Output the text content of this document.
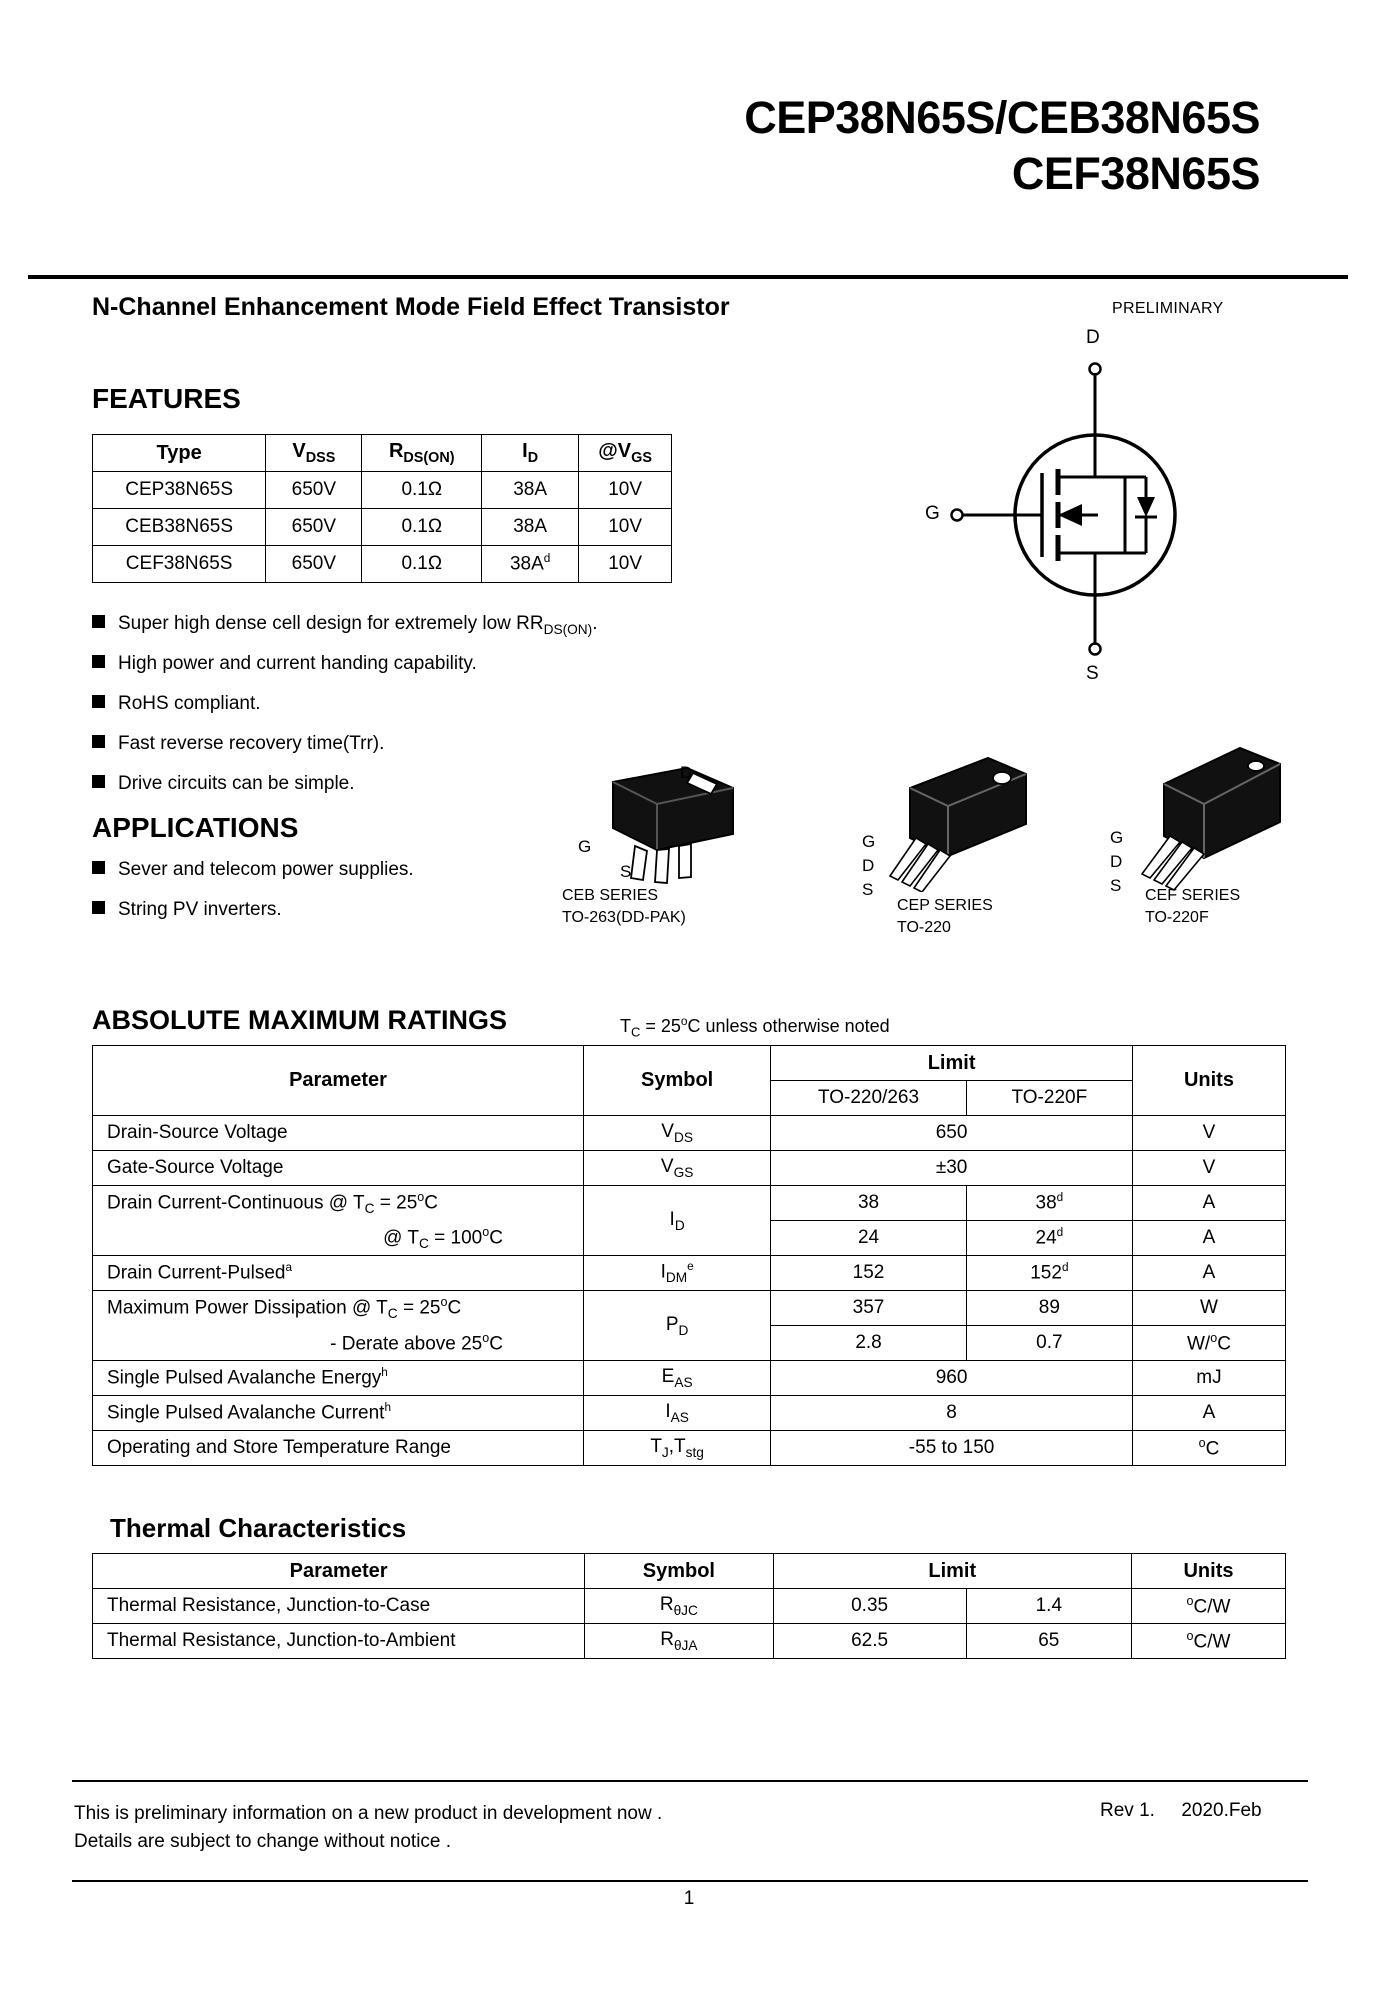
CEP38N65S/CEB38N65S
CEF38N65S
N-Channel Enhancement Mode Field Effect Transistor	PRELIMINARY
FEATURES
Type	$V_{DSS}$	$R_{DS(ON)}$	$I_D$	$@V_{GS}$
CEP38N65S	650V	0.1Ω	38A	10V
CEB38N65S	650V	0.1Ω	38A	10V
CEF38N65S	650V	0.1Ω	$38A^d$	10V
Super high dense cell design for extremely low $RR_{DS(ON)}$.
High power and current handing capability.
RoHS compliant.
Fast reverse recovery time(Trr).
Drive circuits can be simple.
APPLICATIONS
Sever and telecom power supplies.
String PV inverters.
D
G
S
D
G
S
CEB SERIES
TO-263(DD-PAK)
G
D
S
CEP SERIES
TO-220
G
D
S
CEF SERIES
TO-220F
ABSOLUTE MAXIMUM RATINGS	$T_C = 25^oC$ unless otherwise noted
Parameter	Symbol	Limit		Units
		TO-220/263	TO-220F	
Drain-Source Voltage	$V_{DS}$	650		V
Gate-Source Voltage	$V_{GS}$	±30		V
Drain Current-Continuous @ $T_C = 25^oC$	$I_D$	38	38$^d$	A
@ $T_C = 100^oC$		24	24$^d$	A
Drain Current-Pulsed$^a$	$I_{DM}^e$	152	152$^d$	A
Maximum Power Dissipation @ $T_C = 25^oC$	$P_D$	357	89	W
- Derate above 25$^o$C		2.8	0.7	W/$^o$C
Single Pulsed Avalanche Energy$^h$	$E_{AS}$	960		mJ
Single Pulsed Avalanche Current$^h$	$I_{AS}$	8		A
Operating and Store Temperature Range	$T_J,T_{stg}$	-55 to 150		$^o$C
Thermal Characteristics
Parameter	Symbol	Limit		Units
Thermal Resistance, Junction-to-Case	$R_{\theta JC}$	0.35	1.4	$^o$C/W
Thermal Resistance, Junction-to-Ambient	$R_{\theta JA}$	62.5	65	$^o$C/W
This is preliminary information on a new product in development now .
Details are subject to change without notice .
Rev 1. 2020.Feb
1
